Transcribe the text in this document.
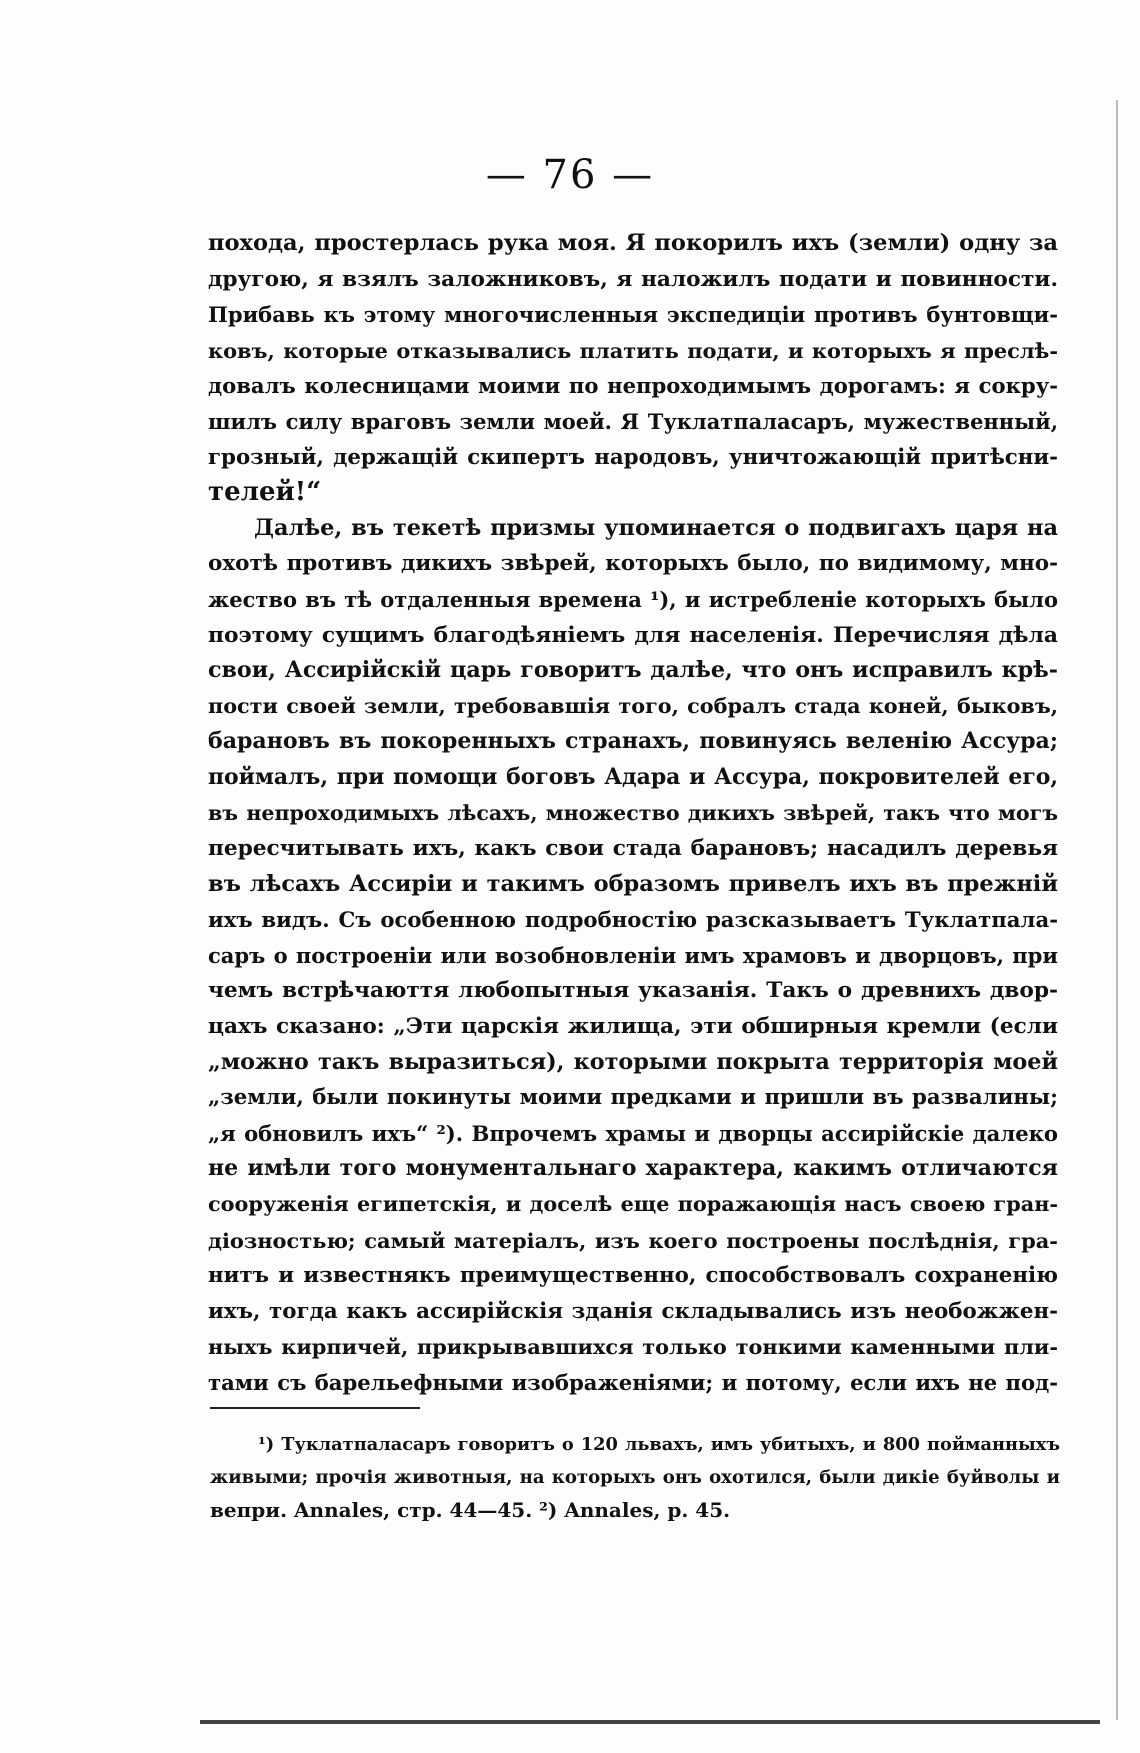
— 76 —
похода, простерлась рука моя. Я покорилъ ихъ (земли) одну за
другою, я взялъ заложниковъ, я наложилъ подати и повинности.
Прибавь къ этому многочисленныя экспедиціи противъ бунтовщи-
ковъ, которые отказывались платить подати, и которыхъ я преслѣ-
довалъ колесницами моими по непроходимымъ дорогамъ: я сокру-
шилъ силу враговъ земли моей. Я Туклатпаласаръ, мужественный,
грозный, держащій скипертъ народовъ, уничтожающій притѣсни-
телей!“
Далѣе, въ текетѣ призмы упоминается о подвигахъ царя на
охотѣ противъ дикихъ звѣрей, которыхъ было, по видимому, мно-
жество въ тѣ отдаленныя времена ¹), и истребленіе которыхъ было
поэтому сущимъ благодѣяніемъ для населенія. Перечисляя дѣла
свои, Ассирійскій царь говоритъ далѣе, что онъ исправилъ крѣ-
пости своей земли, требовавшія того, собралъ стада коней, быковъ,
барановъ въ покоренныхъ странахъ, повинуясь веленію Ассура;
поймалъ, при помощи боговъ Адара и Ассура, покровителей его,
въ непроходимыхъ лѣсахъ, множество дикихъ звѣрей, такъ что могъ
пересчитывать ихъ, какъ свои стада барановъ; насадилъ деревья
въ лѣсахъ Ассиріи и такимъ образомъ привелъ ихъ въ прежній
ихъ видъ. Съ особенною подробностію разсказываетъ Туклатпала-
саръ о построеніи или возобновленіи имъ храмовъ и дворцовъ, при
чемъ встрѣчаюття любопытныя указанія. Такъ о древнихъ двор-
цахъ сказано: „Эти царскія жилища, эти обширныя кремли (если
„можно такъ выразиться), которыми покрыта территорія моей
„земли, были покинуты моими предками и пришли въ развалины;
„я обновилъ ихъ“ ²). Впрочемъ храмы и дворцы ассирійскіе далеко
не имѣли того монументальнаго характера, какимъ отличаются
сооруженія египетскія, и доселѣ еще поражающія насъ своею гран-
діозностью; самый матеріалъ, изъ коего построены послѣднія, гра-
нитъ и известнякъ преимущественно, способствовалъ сохраненію
ихъ, тогда какъ ассирійскія зданія складывались изъ необожжен-
ныхъ кирпичей, прикрывавшихся только тонкими каменными пли-
тами съ барельефными изображеніями; и потому, если ихъ не под-
¹) Туклатпаласаръ говоритъ о 120 львахъ, имъ убитыхъ, и 800 пойманныхъ
живыми; прочія животныя, на которыхъ онъ охотился, были дикіе буйволы и
вепри. Annales, стр. 44—45. ²) Annales, p. 45.
